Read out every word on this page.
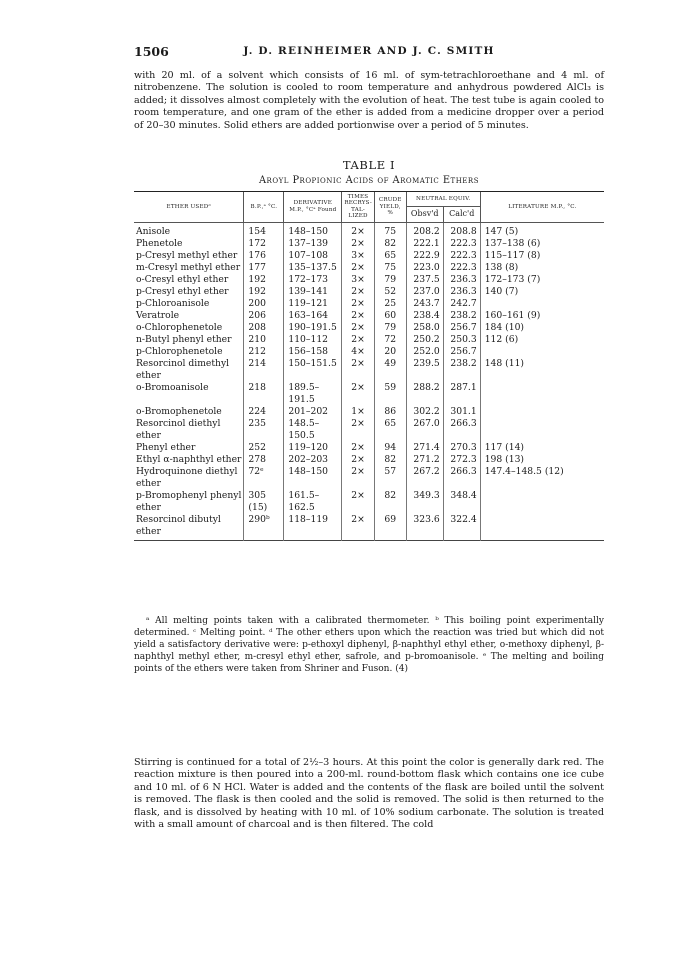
1506	J. D. REINHEIMER AND J. C. SMITH

with 20 ml. of a solvent which consists of 16 ml. of sym-tetrachloroethane and 4 ml. of nitrobenzene. The solution is cooled to room temperature and anhydrous powdered AlCl₃ is added; it dissolves almost completely with the evolution of heat. The test tube is again cooled to room temperature, and one gram of the ether is added from a medicine dropper over a period of 20–30 minutes. Solid ethers are added portionwise over a period of 5 minutes.

TABLE I
Aroyl Propionic Acids of Aromatic Ethers
ETHER USEDᵈ	B.P.,ᵃ °C.	DERIVATIVE M.P., °Cᵃ Found	TIMES RECRYS-TAL-LIZED	CRUDE YIELD, %	NEUTRAL EQUIV.		LITERATURE M.P., °C.
					Obsv'd	Calc'd	
Anisole	154	148–150	2×	75	208.2	208.8	147 (5)
Phenetole	172	137–139	2×	82	222.1	222.3	137–138 (6)
p-Cresyl methyl ether	176	107–108	3×	65	222.9	222.3	115–117 (8)
m-Cresyl methyl ether	177	135–137.5	2×	75	223.0	222.3	138 (8)
o-Cresyl ethyl ether	192	172–173	3×	79	237.5	236.3	172–173 (7)
p-Cresyl ethyl ether	192	139–141	2×	52	237.0	236.3	140 (7)
p-Chloroanisole	200	119–121	2×	25	243.7	242.7	
Veratrole	206	163–164	2×	60	238.4	238.2	160–161 (9)
o-Chlorophenetole	208	190–191.5	2×	79	258.0	256.7	184 (10)
n-Butyl phenyl ether	210	110–112	2×	72	250.2	250.3	112 (6)
p-Chlorophenetole	212	156–158	4×	20	252.0	256.7	
Resorcinol dimethyl ether	214	150–151.5	2×	49	239.5	238.2	148 (11)
o-Bromoanisole	218	189.5–191.5	2×	59	288.2	287.1	
o-Bromophenetole	224	201–202	1×	86	302.2	301.1	
Resorcinol diethyl ether	235	148.5–150.5	2×	65	267.0	266.3	
Phenyl ether	252	119–120	2×	94	271.4	270.3	117 (14)
Ethyl α-naphthyl ether	278	202–203	2×	82	271.2	272.3	198 (13)
Hydroquinone diethyl ether	72ᵉ	148–150	2×	57	267.2	266.3	147.4–148.5 (12)
p-Bromophenyl phenyl ether	305 (15)	161.5–162.5	2×	82	349.3	348.4	
Resorcinol dibutyl ether	290ᵇ	118–119	2×	69	323.6	322.4	

ᵃ All melting points taken with a calibrated thermometer. ᵇ This boiling point experimentally determined. ᶜ Melting point. ᵈ The other ethers upon which the reaction was tried but which did not yield a satisfactory derivative were: p-ethoxyl diphenyl, β-naphthyl ethyl ether, o-methoxy diphenyl, β-naphthyl methyl ether, m-cresyl ethyl ether, safrole, and p-bromoanisole. ᵉ The melting and boiling points of the ethers were taken from Shriner and Fuson. (4)

Stirring is continued for a total of 2½–3 hours. At this point the color is generally dark red. The reaction mixture is then poured into a 200-ml. round-bottom flask which contains one ice cube and 10 ml. of 6 N HCl. Water is added and the contents of the flask are boiled until the solvent is removed. The flask is then cooled and the solid is removed. The solid is then returned to the flask, and is dissolved by heating with 10 ml. of 10% sodium carbonate. The solution is treated with a small amount of charcoal and is then filtered. The cold
